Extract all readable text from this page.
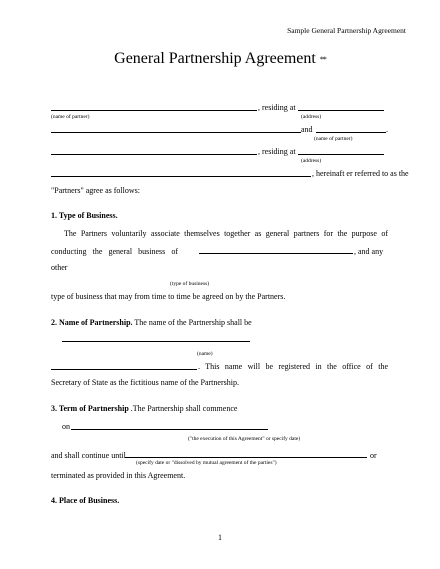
Sample General Partnership Agreement
General Partnership Agreement **
, residing at
(name of partner)	(address)
and	.
(name of partner)
, residing at
(address)
, hereinaft er referred to as the
"Partners" agree as follows:
1. Type of Business.
The Partners voluntarily associate themselves together as general partners for the purpose of
conducting the general business of	, and any
other
(type of business)
type of business that may from time to time be agreed on by the Partners.
2. Name of Partnership. The name of the Partnership shall be
(name)
. This name will be registered in the office of the
Secretary of State as the fictitious name of the Partnership.
3. Term of Partnership .The Partnership shall commence
on
("the execution of this Agreement" or specify date)
and shall continue until	or
(specify date or "dissolved by mutual agreement of the parties")
terminated as provided in this Agreement.
4. Place of Business.
1
